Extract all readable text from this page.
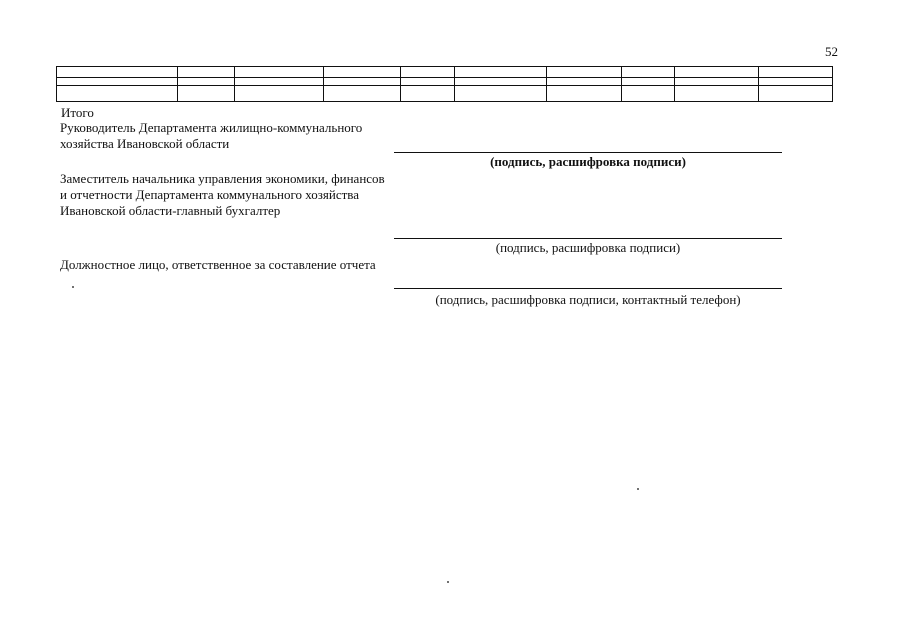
52
Итого
Руководитель Департамента жилищно-коммунального хозяйства Ивановской области
(подпись, расшифровка подписи)
Заместитель начальника управления экономики, финансов и отчетности Департамента коммунального хозяйства Ивановской области-главный бухгалтер
(подпись, расшифровка подписи)
Должностное лицо, ответственное за составление отчета
(подпись, расшифровка подписи, контактный телефон)
